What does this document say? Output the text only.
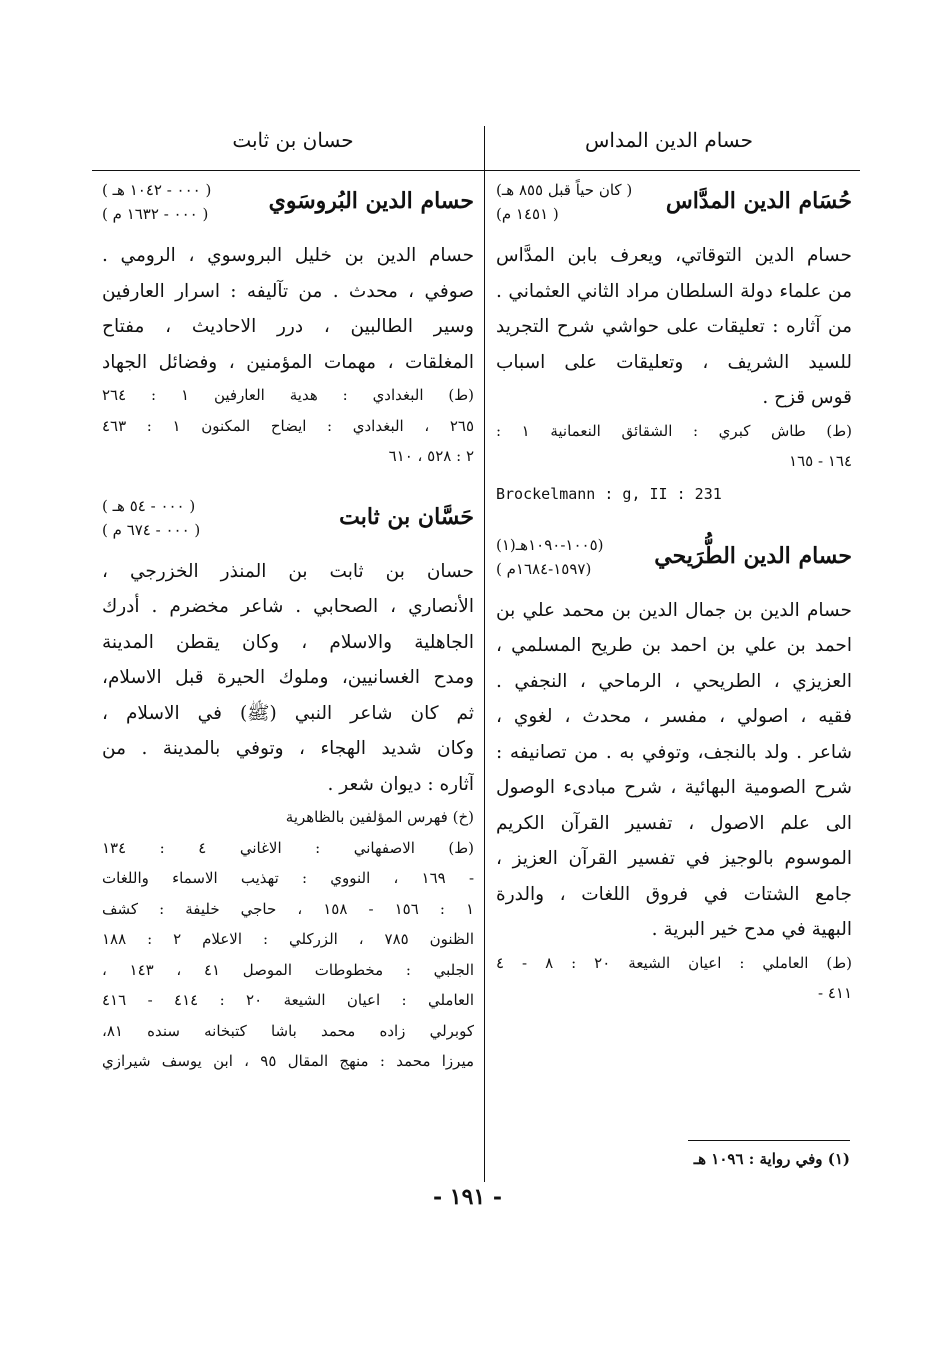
حسام الدين المداس
حسان بن ثابت
حُسَام الدين المدَّاس
( كان حياً قبل ٨٥٥ هـ)
( ١٤٥١ م)
حسام الدين التوقاتي، ويعرف بابن المدَّاس
من علماء دولة السلطان مراد الثاني العثماني .
من آثاره : تعليقات على حواشي شرح التجريد
للسيد الشريف ، وتعليقات على اسباب
قوس قزح .
(ط) طاش كبري : الشقائق النعمانية ١ :
١٦٤ - ١٦٥
Brockelmann : g, II : 231
حسام الدين الطُّرَيحي
(١٠٠٥-١٠٩٠هـ(١)
(١٥٩٧-١٦٨٤م )
حسام الدين بن جمال الدين بن محمد علي بن
احمد بن علي بن احمد بن طريح المسلمي ،
العزيزي ، الطريحي ، الرماحي ، النجفي .
فقيه ، اصولي ، مفسر ، محدث ، لغوي ،
شاعر . ولد بالنجف، وتوفي به . من تصانيفه :
شرح الصومية البهائية ، شرح مبادىء الوصول
الى علم الاصول ، تفسير القرآن الكريم
الموسوم بالوجيز في تفسير القرآن العزيز ،
جامع الشتات في فروق اللغات ، والدرة
البهية في مدح خير البرية .
(ط) العاملي : اعيان الشيعة ٢٠ : ٨ - ٤
٤١١ -
حسام الدين البُروسَوي
( ٠٠٠ - ١٠٤٢ هـ )
( ٠٠٠ - ١٦٣٢ م )
حسام الدين بن خليل البروسوي ، الرومي .
صوفي ، محدث . من تآليفه : اسرار العارفين
وسير الطالبين ، درر الاحاديث ، مفتاح
المغلقات ، مهمات المؤمنين ، وفضائل الجهاد
(ط) البغدادي : هدية العارفين ١ : ٢٦٤
٢٦٥ ، البغدادي : ايضاح المكنون ١ : ٤٦٣
٢ : ٥٢٨ ، ٦١٠
حَسَّان بن ثابت
( ٠٠٠ - ٥٤ هـ )
( ٠٠٠ - ٦٧٤ م )
حسان بن ثابت بن المنذر الخزرجي ،
الأنصاري ، الصحابي . شاعر مخضرم . أدرك
الجاهلية والاسلام ، وكان يقطن المدينة
ومدح الغسانيين، وملوك الحيرة قبل الاسلام،
ثم كان شاعر النبي (ﷺ) في الاسلام ،
وكان شديد الهجاء ، وتوفي بالمدينة . من
آثاره : ديوان شعر .
(خ) فهرس المؤلفين بالظاهرية
(ط) الاصفهاني : الاغاني ٤ : ١٣٤
- ١٦٩ ، النووي : تهذيب الاسماء واللغات
١ : ١٥٦ - ١٥٨ ، حاجي خليفة : كشف
الظنون ٧٨٥ ، الزركلي : الاعلام ٢ : ١٨٨
الجلبي : مخطوطات الموصل ٤١ ، ١٤٣ ،
العاملي : اعيان الشيعة ٢٠ : ٤١٤ - ٤١٦
كوبرلي زاده محمد باشا كتبخانه سنده ٨١،
ميرزا محمد : منهج المقال ٩٥ ، ابن يوسف شيرازي
(١) وفي رواية : ١٠٩٦ هـ
- ١٩١ -
